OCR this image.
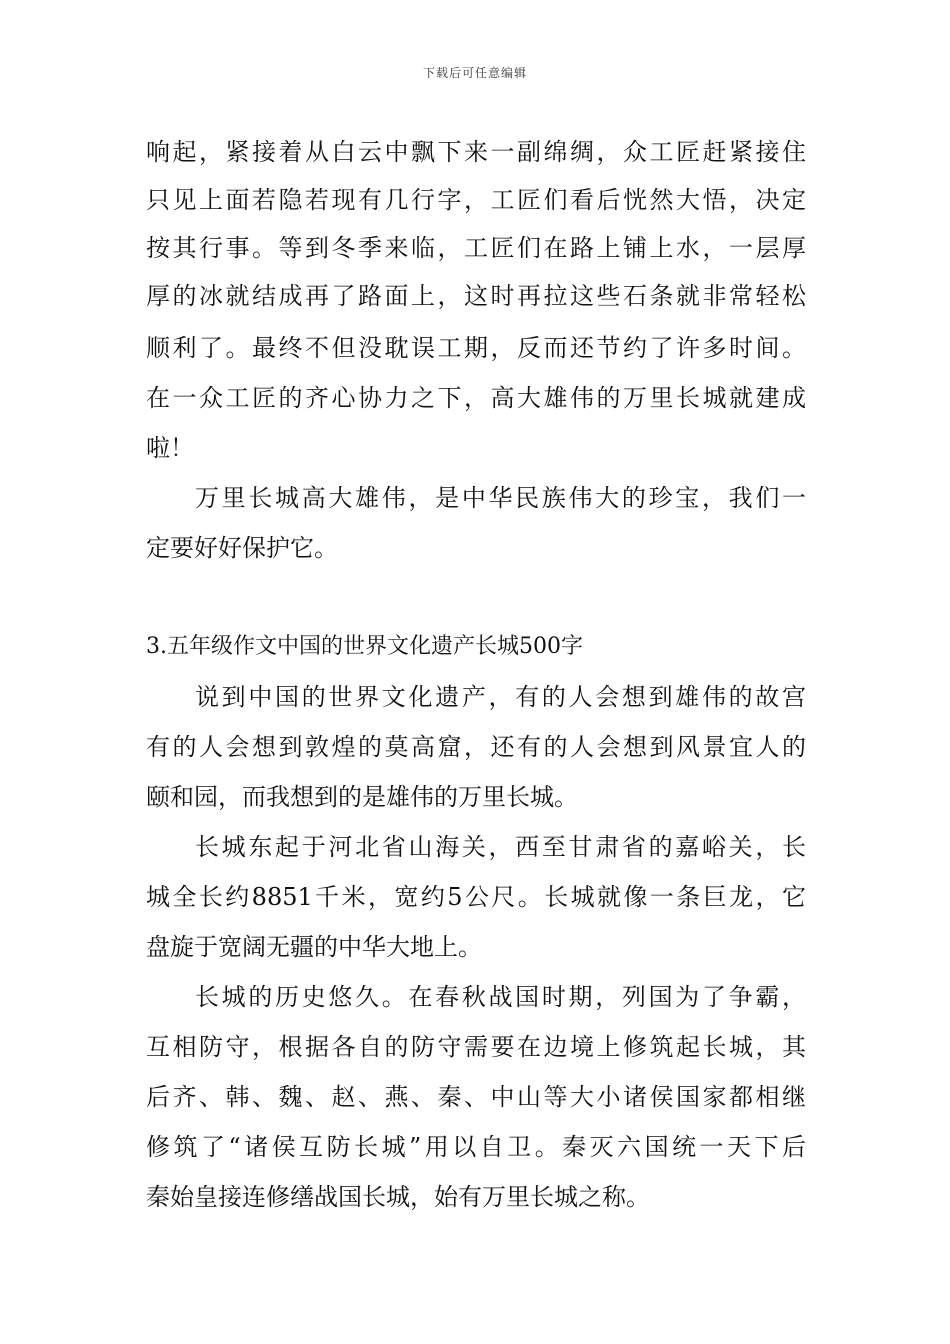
下载后可任意编辑
响起，紧接着从白云中飘下来一副绵绸，众工匠赶紧接住
只见上面若隐若现有几行字，工匠们看后恍然大悟，决定
按其行事。等到冬季来临，工匠们在路上铺上水，一层厚
厚的冰就结成再了路面上，这时再拉这些石条就非常轻松
顺利了。最终不但没耽误工期，反而还节约了许多时间。
在一众工匠的齐心协力之下，高大雄伟的万里长城就建成
啦！
万里长城高大雄伟，是中华民族伟大的珍宝，我们一
定要好好保护它。
3.五年级作文中国的世界文化遗产长城500字
说到中国的世界文化遗产，有的人会想到雄伟的故宫
有的人会想到敦煌的莫高窟，还有的人会想到风景宜人的
颐和园，而我想到的是雄伟的万里长城。
长城东起于河北省山海关，西至甘肃省的嘉峪关，长
城全长约8851千米，宽约5公尺。长城就像一条巨龙，它
盘旋于宽阔无疆的中华大地上。
长城的历史悠久。在春秋战国时期，列国为了争霸，
互相防守，根据各自的防守需要在边境上修筑起长城，其
后齐、韩、魏、赵、燕、秦、中山等大小诸侯国家都相继
修筑了“诸侯互防长城”用以自卫。秦灭六国统一天下后
秦始皇接连修缮战国长城，始有万里长城之称。
